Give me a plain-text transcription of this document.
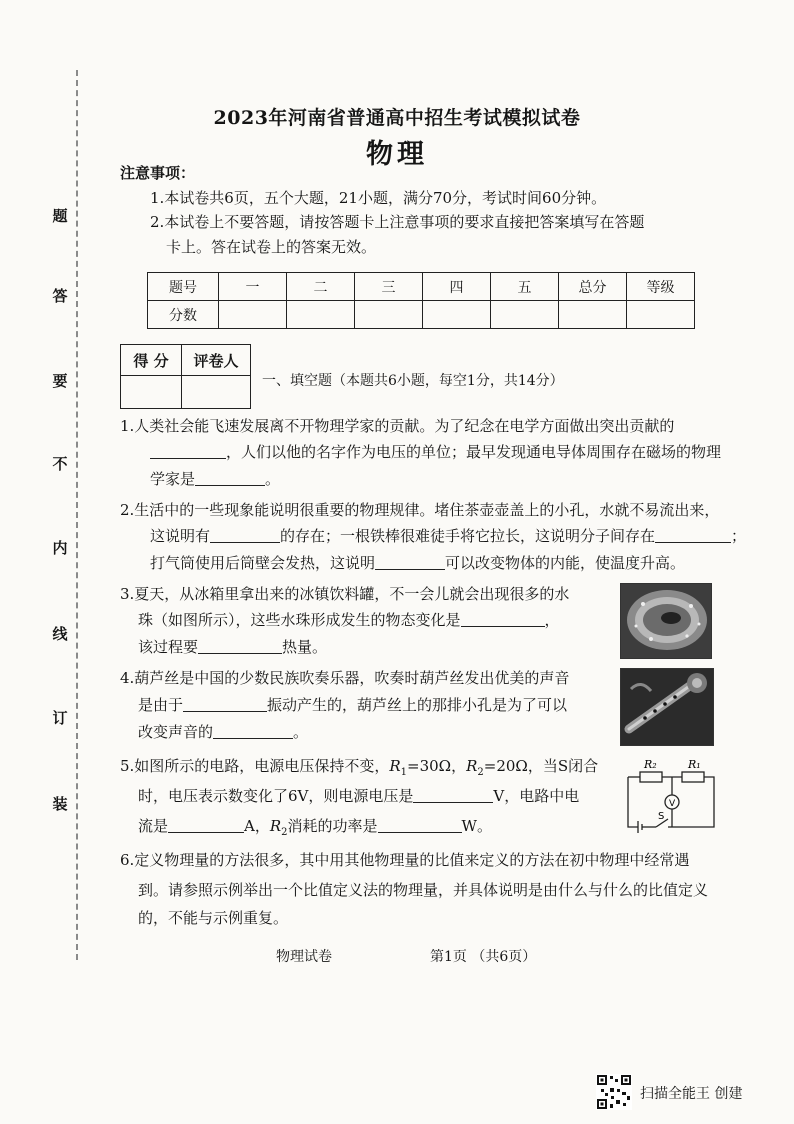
题
答
要
不
内
线
订
装
2023年河南省普通高中招生考试模拟试卷
物理
注意事项：
1.本试卷共6页，五个大题，21小题，满分70分，考试时间60分钟。
2.本试卷上不要答题，请按答题卡上注意事项的要求直接把答案填写在答题
卡上。答在试卷上的答案无效。
题号	一	二	三	四	五	总分	等级
分数							
得 分	评卷人

一、填空题（本题共6小题，每空1分，共14分）
1.人类社会能飞速发展离不开物理学家的贡献。为了纪念在电学方面做出突出贡献的
，人们以他的名字作为电压的单位；最早发现通电导体周围存在磁场的物理
学家是	。
2.生活中的一些现象能说明很重要的物理规律。堵住茶壶壶盖上的小孔，水就不易流出来，
这说明有	的存在；一根铁棒很难徒手将它拉长，这说明分子间存在	；
打气筒使用后筒壁会发热，这说明	可以改变物体的内能，使温度升高。
3.夏天，从冰箱里拿出来的冰镇饮料罐，不一会儿就会出现很多的水
珠（如图所示），这些水珠形成发生的物态变化是	，
该过程要	热量。
4.葫芦丝是中国的少数民族吹奏乐器，吹奏时葫芦丝发出优美的声音
是由于	振动产生的，葫芦丝上的那排小孔是为了可以
改变声音的	。
5.如图所示的电路，电源电压保持不变，$R_1=30\Omega$，$R_2=20\Omega$，当S闭合
时，电压表示数变化了6V，则电源电压是	V，电路中电
流是	A，$R_2$消耗的功率是	W。
R₂	R₁
V
S
6.定义物理量的方法很多，其中用其他物理量的比值来定义的方法在初中物理中经常遇
到。请参照示例举出一个比值定义法的物理量，并具体说明是由什么与什么的比值定义
的，不能与示例重复。
物理试卷	第1页 （共6页）
扫描全能王 创建
